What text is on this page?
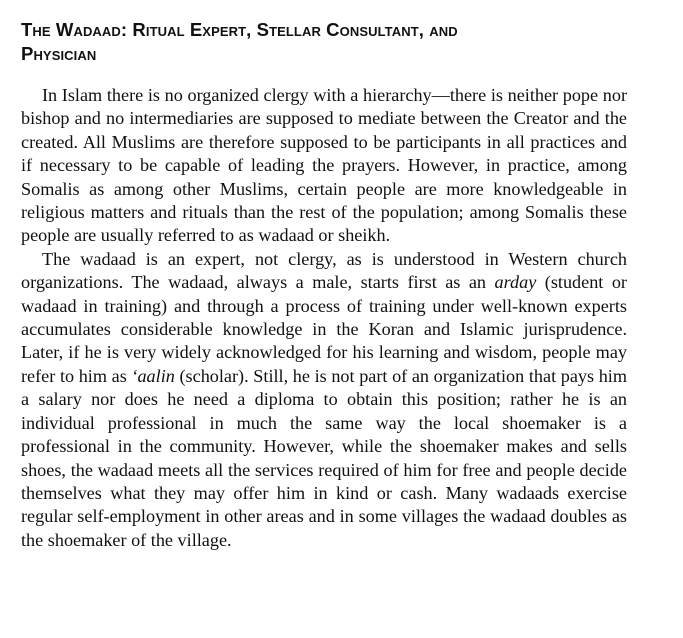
The Wadaad: Ritual Expert, Stellar Consultant, and
Physician

In Islam there is no organized clergy with a hierarchy—there is neither pope nor bishop and no intermediaries are supposed to mediate between the Creator and the created. All Muslims are therefore supposed to be participants in all practices and if necessary to be capable of leading the prayers. However, in practice, among Somalis as among other Muslims, certain people are more knowledgeable in religious matters and rituals than the rest of the population; among Somalis these people are usually referred to as wadaad or sheikh.

The wadaad is an expert, not clergy, as is understood in Western church organizations. The wadaad, always a male, starts first as an arday (student or wadaad in training) and through a process of training under well-known experts accumulates considerable knowledge in the Koran and Islamic jurisprudence. Later, if he is very widely acknowledged for his learning and wisdom, people may refer to him as ‘aalin (scholar). Still, he is not part of an organization that pays him a salary nor does he need a diploma to obtain this position; rather he is an individual professional in much the same way the local shoemaker is a professional in the community. However, while the shoemaker makes and sells shoes, the wadaad meets all the services required of him for free and people decide themselves what they may offer him in kind or cash. Many wadaads exercise regular self-employment in other areas and in some villages the wadaad doubles as the shoemaker of the village.
